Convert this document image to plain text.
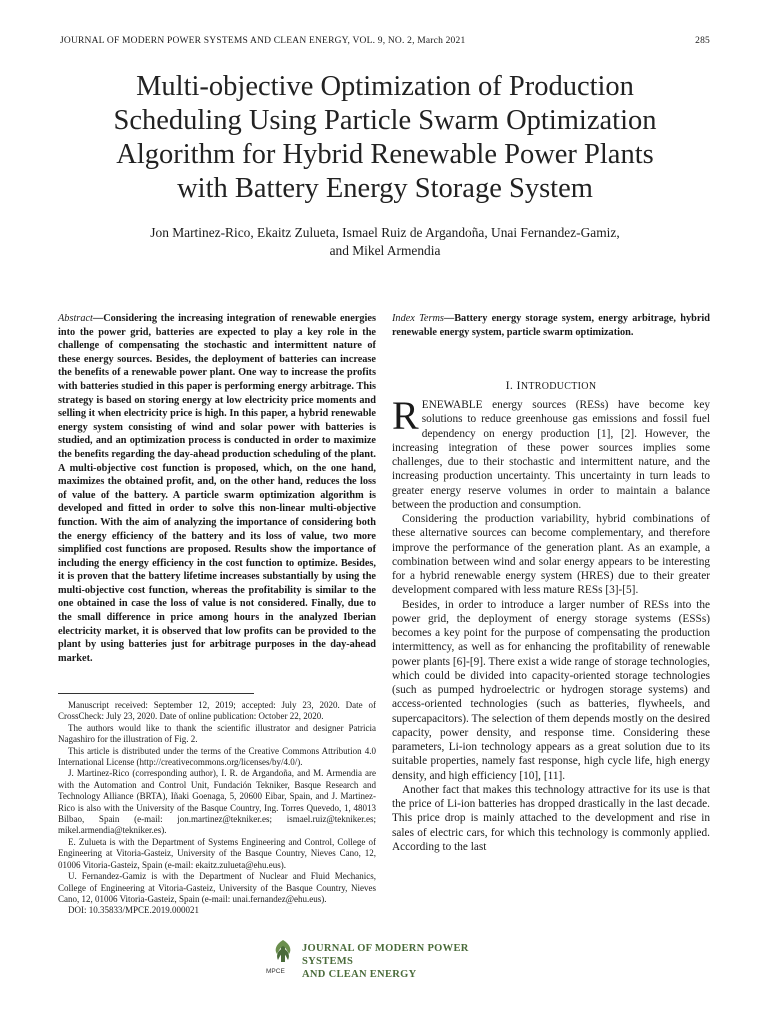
JOURNAL OF MODERN POWER SYSTEMS AND CLEAN ENERGY, VOL. 9, NO. 2, March 2021	285
Multi-objective Optimization of Production
Scheduling Using Particle Swarm Optimization
Algorithm for Hybrid Renewable Power Plants
with Battery Energy Storage System
Jon Martinez-Rico, Ekaitz Zulueta, Ismael Ruiz de Argandoña, Unai Fernandez-Gamiz,
and Mikel Armendia
Abstract—Considering the increasing integration of renewable energies into the power grid, batteries are expected to play a key role in the challenge of compensating the stochastic and intermittent nature of these energy sources. Besides, the deployment of batteries can increase the benefits of a renewable power plant. One way to increase the profits with batteries studied in this paper is performing energy arbitrage. This strategy is based on storing energy at low electricity price moments and selling it when electricity price is high. In this paper, a hybrid renewable energy system consisting of wind and solar power with batteries is studied, and an optimization process is conducted in order to maximize the benefits regarding the day-ahead production scheduling of the plant. A multi-objective cost function is proposed, which, on the one hand, maximizes the obtained profit, and, on the other hand, reduces the loss of value of the battery. A particle swarm optimization algorithm is developed and fitted in order to solve this non-linear multi-objective function. With the aim of analyzing the importance of considering both the energy efficiency of the battery and its loss of value, two more simplified cost functions are proposed. Results show the importance of including the energy efficiency in the cost function to optimize. Besides, it is proven that the battery lifetime increases substantially by using the multi-objective cost function, whereas the profitability is similar to the one obtained in case the loss of value is not considered. Finally, due to the small difference in price among hours in the analyzed Iberian electricity market, it is observed that low profits can be provided to the plant by using batteries just for arbitrage purposes in the day-ahead market.
Index Terms—Battery energy storage system, energy arbitrage, hybrid renewable energy system, particle swarm optimization.

Manuscript received: September 12, 2019; accepted: July 23, 2020. Date of CrossCheck: July 23, 2020. Date of online publication: October 22, 2020.

The authors would like to thank the scientific illustrator and designer Patricia Nagashiro for the illustration of Fig. 2.

This article is distributed under the terms of the Creative Commons Attribution 4.0 International License (http://creativecommons.org/licenses/by/4.0/).

J. Martinez-Rico (corresponding author), I. R. de Argandoña, and M. Armendia are with the Automation and Control Unit, Fundación Tekniker, Basque Research and Technology Alliance (BRTA), Iñaki Goenaga, 5, 20600 Eibar, Spain, and J. Martinez-Rico is also with the University of the Basque Country, Ing. Torres Quevedo, 1, 48013 Bilbao, Spain (e-mail: jon.martinez@tekniker.es; ismael.ruiz@tekniker.es; mikel.armendia@tekniker.es).

E. Zulueta is with the Department of Systems Engineering and Control, College of Engineering at Vitoria-Gasteiz, University of the Basque Country, Nieves Cano, 12, 01006 Vitoria-Gasteiz, Spain (e-mail: ekaitz.zulueta@ehu.eus).

U. Fernandez-Gamiz is with the Department of Nuclear and Fluid Mechanics, College of Engineering at Vitoria-Gasteiz, University of the Basque Country, Nieves Cano, 12, 01006 Vitoria-Gasteiz, Spain (e-mail: unai.fernandez@ehu.eus).

DOI: 10.35833/MPCE.2019.000021

I. INTRODUCTION

RENEWABLE energy sources (RESs) have become key solutions to reduce greenhouse gas emissions and fossil fuel dependency on energy production [1], [2]. However, the increasing integration of these power sources implies some challenges, due to their stochastic and intermittent nature, and the increasing production uncertainty. This uncertainty in turn leads to greater energy reserve volumes in order to maintain a balance between the production and consumption.

Considering the production variability, hybrid combinations of these alternative sources can become complementary, and therefore improve the performance of the generation plant. As an example, a combination between wind and solar energy appears to be interesting for a hybrid renewable energy system (HRES) due to their greater development compared with less mature RESs [3]-[5].

Besides, in order to introduce a larger number of RESs into the power grid, the deployment of energy storage systems (ESSs) becomes a key point for the purpose of compensating the production intermittency, as well as for enhancing the profitability of renewable power plants [6]-[9]. There exist a wide range of storage technologies, which could be divided into capacity-oriented storage technologies (such as pumped hydroelectric or hydrogen storage systems) and access-oriented technologies (such as batteries, flywheels, and supercapacitors). The selection of them depends mostly on the desired capacity, power density, and response time. Considering these parameters, Li-ion technology appears as a great solution due to its suitable properties, namely fast response, high cycle life, high energy density, and high efficiency [10], [11].

Another fact that makes this technology attractive for its use is that the price of Li-ion batteries has dropped drastically in the last decade. This price drop is mainly attached to the development and rise in sales of electric cars, for which this technology is commonly applied. According to the last

MPCE
JOURNAL OF MODERN POWER SYSTEMS
AND CLEAN ENERGY
